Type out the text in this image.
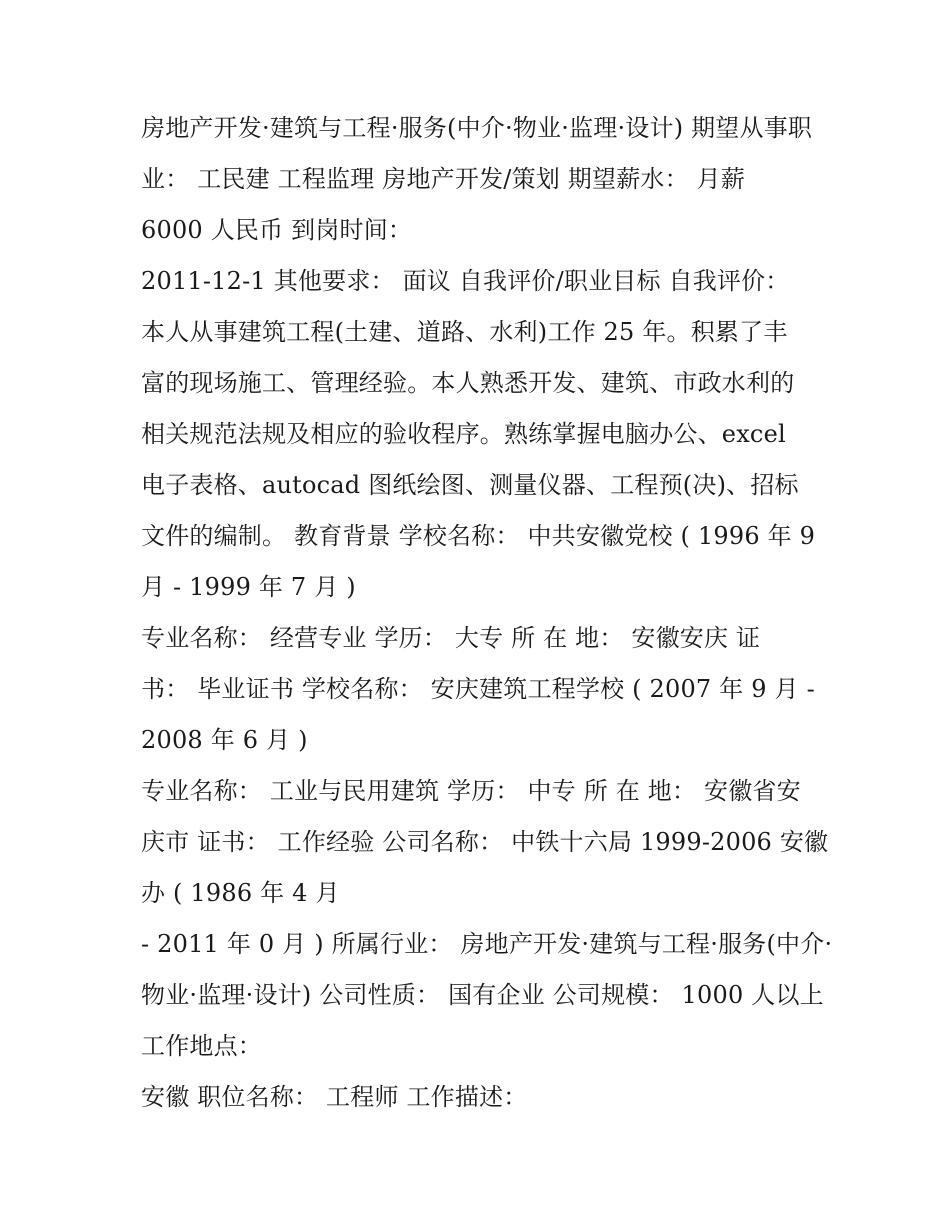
房地产开发·建筑与工程·服务(中介·物业·监理·设计) 期望从事职
业： 工民建 工程监理 房地产开发/策划 期望薪水： 月薪
6000 人民币 到岗时间：
2011-12-1 其他要求： 面议 自我评价/职业目标 自我评价：
本人从事建筑工程(土建、道路、水利)工作 25 年。积累了丰
富的现场施工、管理经验。本人熟悉开发、建筑、市政水利的
相关规范法规及相应的验收程序。熟练掌握电脑办公、excel
电子表格、autocad 图纸绘图、测量仪器、工程预(决)、招标
文件的编制。 教育背景 学校名称： 中共安徽党校 ( 1996 年 9
月 - 1999 年 7 月 )
专业名称： 经营专业 学历： 大专 所 在 地： 安徽安庆 证
书： 毕业证书 学校名称： 安庆建筑工程学校 ( 2007 年 9 月 -
2008 年 6 月 )
专业名称： 工业与民用建筑 学历： 中专 所 在 地： 安徽省安
庆市 证书： 工作经验 公司名称： 中铁十六局 1999-2006 安徽
办 ( 1986 年 4 月
- 2011 年 0 月 ) 所属行业： 房地产开发·建筑与工程·服务(中介·
物业·监理·设计) 公司性质： 国有企业 公司规模： 1000 人以上
工作地点：
安徽 职位名称： 工程师 工作描述：
